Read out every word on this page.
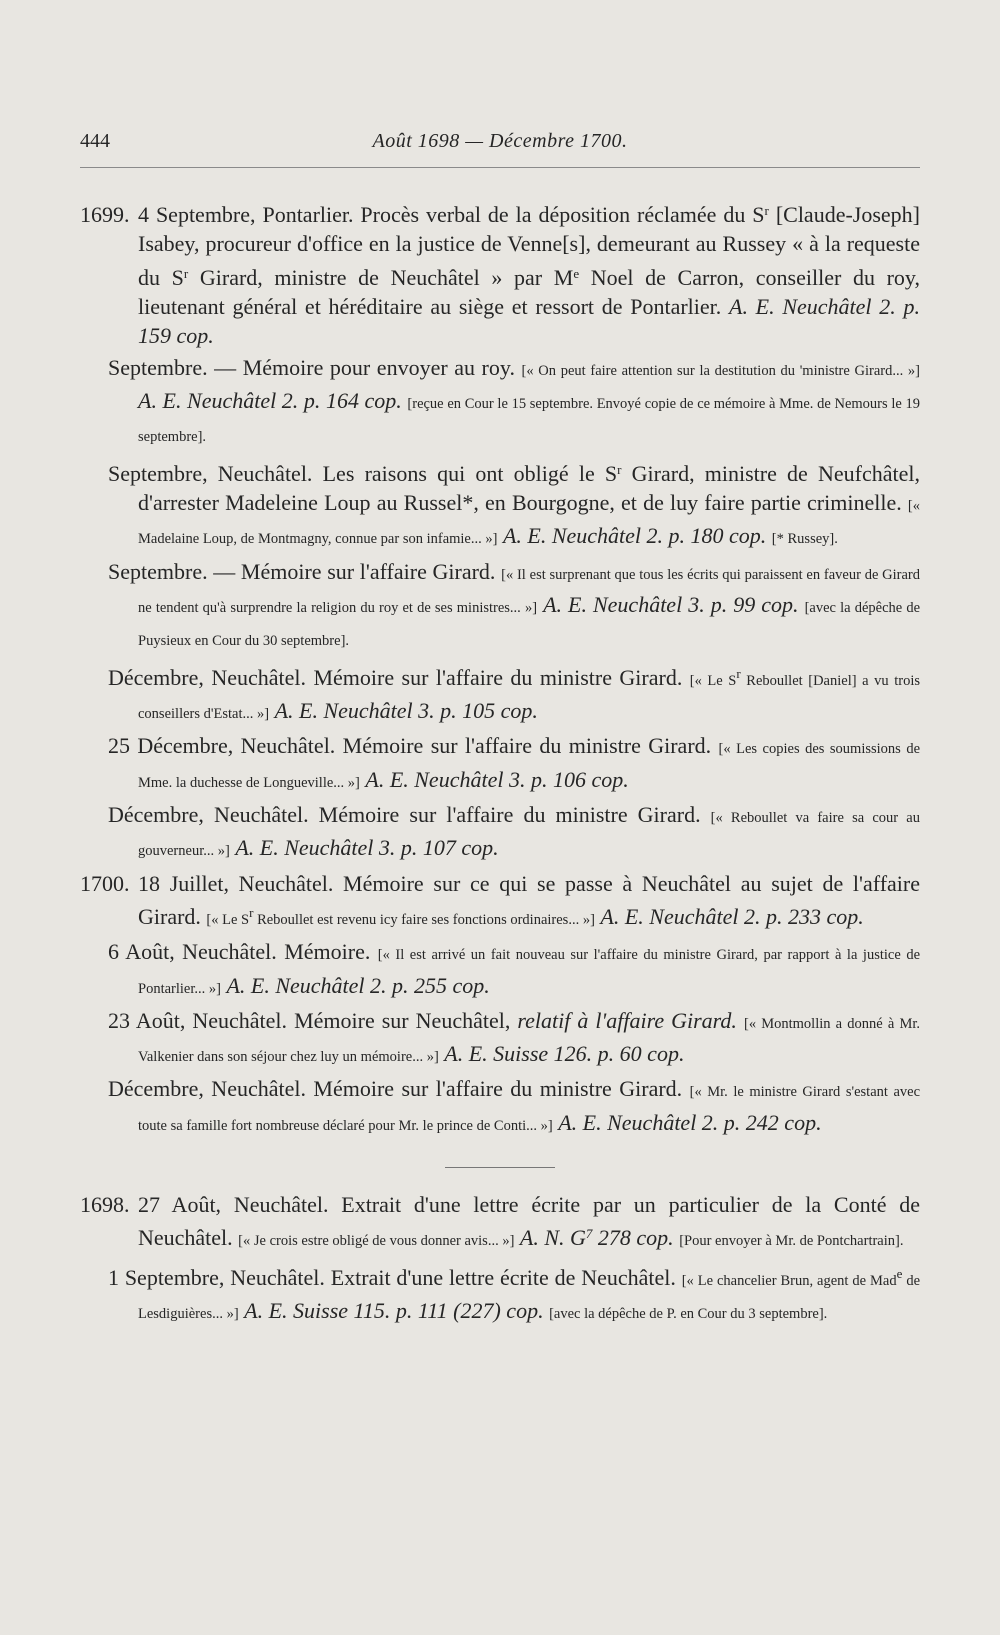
444	Août 1698 — Décembre 1700.

1699. 4 Septembre, Pontarlier. Procès verbal de la déposition réclamée du $S^r$ [Claude-Joseph] Isabey, procureur d'office en la justice de Venne[s], demeurant au Russey « à la requeste du $S^r$ Girard, ministre de Neuchâtel » par Me Noel de Carron, conseiller du roy, lieutenant général et héréditaire au siège et ressort de Pontarlier. A. E. Neuchâtel 2. p. 159 cop.

Septembre. — Mémoire pour envoyer au roy. [« On peut faire attention sur la destitution du 'ministre Girard... »] A. E. Neuchâtel 2. p. 164 cop. [reçue en Cour le 15 septembre. Envoyé copie de ce mémoire à Mme. de Nemours le 19 septembre].

Septembre, Neuchâtel. Les raisons qui ont obligé le $S^r$ Girard, ministre de Neufchâtel, d'arrester Madeleine Loup au Russel*, en Bourgogne, et de luy faire partie criminelle. [« Madelaine Loup, de Montmagny, connue par son infamie... »] A. E. Neuchâtel 2. p. 180 cop. [* Russey].

Septembre. — Mémoire sur l'affaire Girard. [« Il est surprenant que tous les écrits qui paraissent en faveur de Girard ne tendent qu'à surprendre la religion du roy et de ses ministres... »] A. E. Neuchâtel 3. p. 99 cop. [avec la dépêche de Puysieux en Cour du 30 septembre].

Décembre, Neuchâtel. Mémoire sur l'affaire du ministre Girard. [« Le Sr Reboullet [Daniel] a vu trois conseillers d'Estat... »] A. E. Neuchâtel 3. p. 105 cop.

25 Décembre, Neuchâtel. Mémoire sur l'affaire du ministre Girard. [« Les copies des soumissions de Mme. la duchesse de Longueville... »] A. E. Neuchâtel 3. p. 106 cop.

Décembre, Neuchâtel. Mémoire sur l'affaire du ministre Girard. [« Reboullet va faire sa cour au gouverneur... »] A. E. Neuchâtel 3. p. 107 cop.

1700. 18 Juillet, Neuchâtel. Mémoire sur ce qui se passe à Neuchâtel au sujet de l'affaire Girard. [« Le Sr Reboullet est revenu icy faire ses fonctions ordinaires... »] A. E. Neuchâtel 2. p. 233 cop.

6 Août, Neuchâtel. Mémoire. [« Il est arrivé un fait nouveau sur l'affaire du ministre Girard, par rapport à la justice de Pontarlier... »] A. E. Neuchâtel 2. p. 255 cop.

23 Août, Neuchâtel. Mémoire sur Neuchâtel, relatif à l'affaire Girard. [« Montmollin a donné à Mr. Valkenier dans son séjour chez luy un mémoire... »] A. E. Suisse 126. p. 60 cop.

Décembre, Neuchâtel. Mémoire sur l'affaire du ministre Girard. [« Mr. le ministre Girard s'estant avec toute sa famille fort nombreuse déclaré pour Mr. le prince de Conti... »] A. E. Neuchâtel 2. p. 242 cop.

1698. 27 Août, Neuchâtel. Extrait d'une lettre écrite par un particulier de la Conté de Neuchâtel. [« Je crois estre obligé de vous donner avis... »] A. N. $G^7$ 278 cop. [Pour envoyer à Mr. de Pontchartrain].

1 Septembre, Neuchâtel. Extrait d'une lettre écrite de Neuchâtel. [« Le chancelier Brun, agent de Made de Lesdiguières... »] A. E. Suisse 115. p. 111 (227) cop. [avec la dépêche de P. en Cour du 3 septembre].
